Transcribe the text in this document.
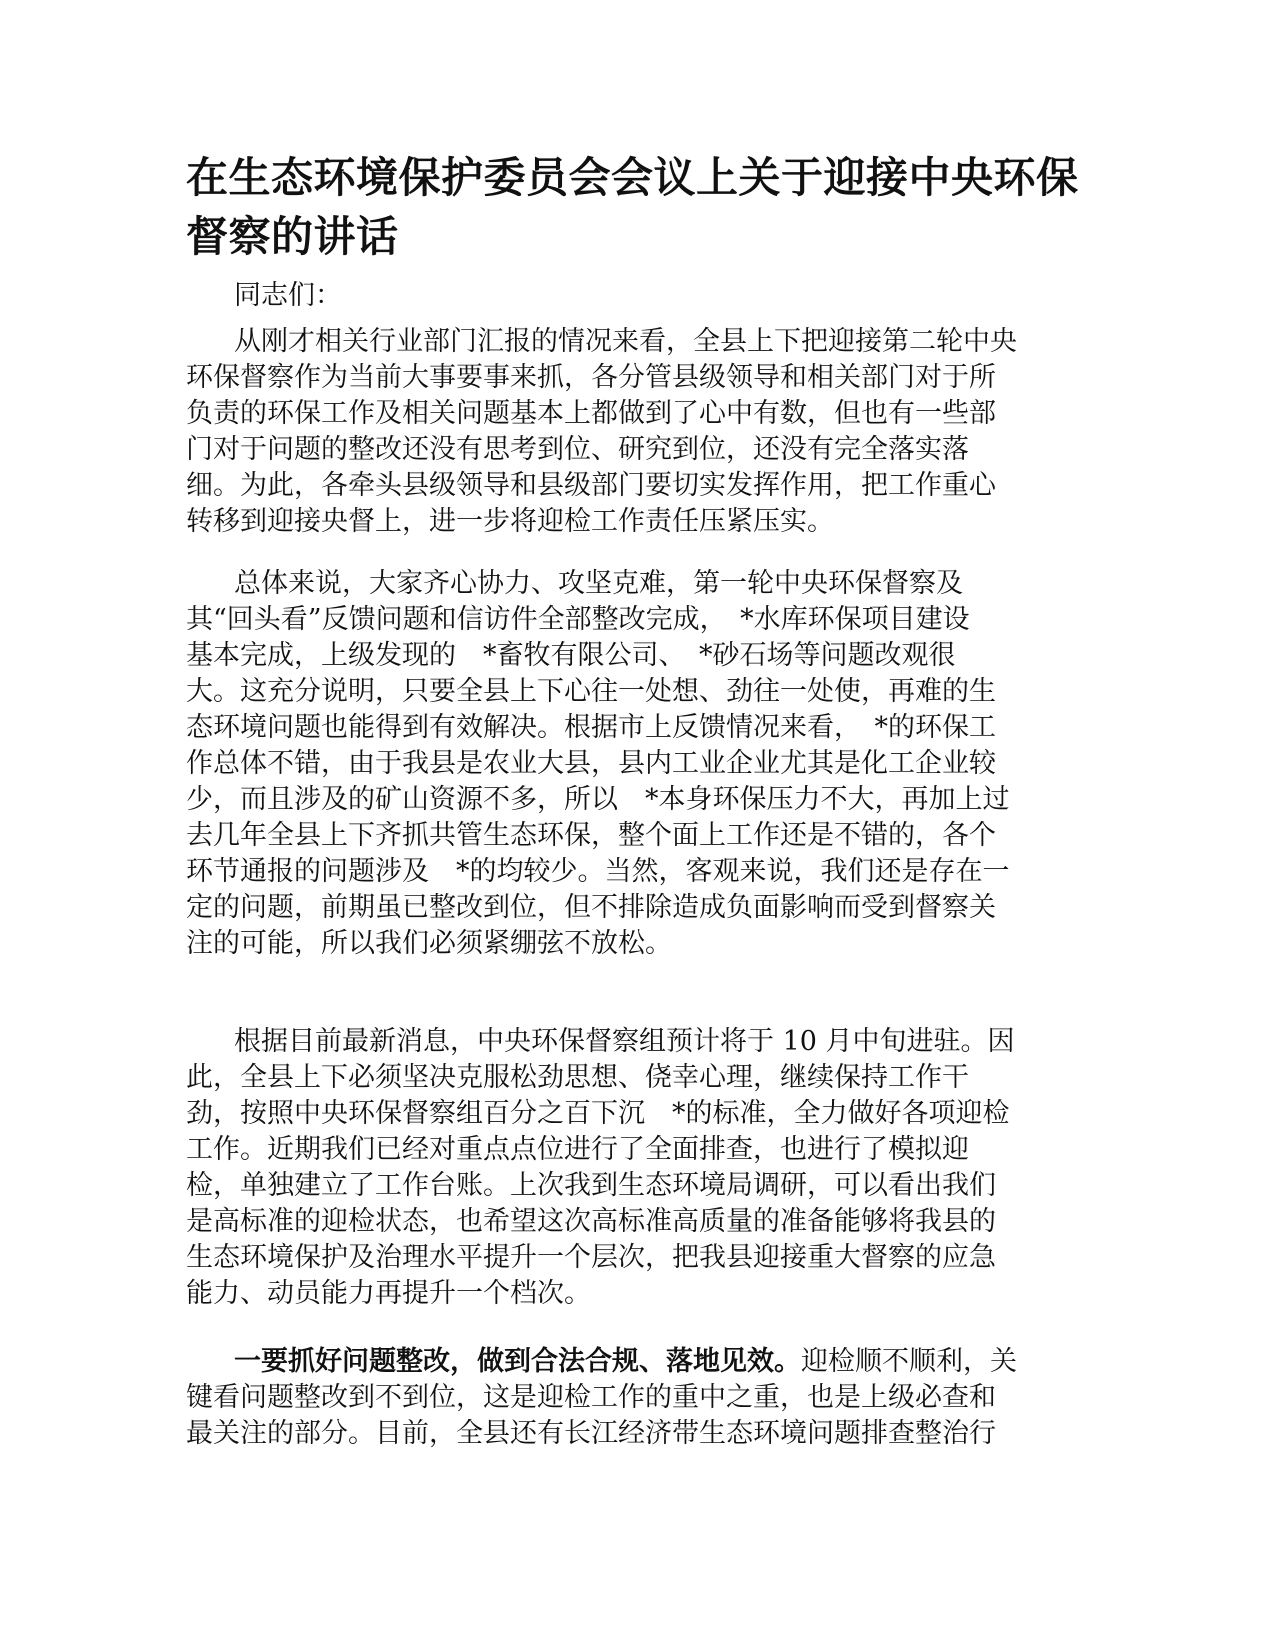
在生态环境保护委员会会议上关于迎接中央环保
督察的讲话

同志们：

从刚才相关行业部门汇报的情况来看，全县上下把迎接第二轮中央
环保督察作为当前大事要事来抓，各分管县级领导和相关部门对于所
负责的环保工作及相关问题基本上都做到了心中有数，但也有一些部
门对于问题的整改还没有思考到位、研究到位，还没有完全落实落
细。为此，各牵头县级领导和县级部门要切实发挥作用，把工作重心
转移到迎接央督上，进一步将迎检工作责任压紧压实。
总体来说，大家齐心协力、攻坚克难，第一轮中央环保督察及
其“回头看”反馈问题和信访件全部整改完成，　*水库环保项目建设
基本完成，上级发现的　*畜牧有限公司、　*砂石场等问题改观很
大。这充分说明，只要全县上下心往一处想、劲往一处使，再难的生
态环境问题也能得到有效解决。根据市上反馈情况来看，　*的环保工
作总体不错，由于我县是农业大县，县内工业企业尤其是化工企业较
少，而且涉及的矿山资源不多，所以　*本身环保压力不大，再加上过
去几年全县上下齐抓共管生态环保，整个面上工作还是不错的，各个
环节通报的问题涉及　*的均较少。当然，客观来说，我们还是存在一
定的问题，前期虽已整改到位，但不排除造成负面影响而受到督察关
注的可能，所以我们必须紧绷弦不放松。
根据目前最新消息，中央环保督察组预计将于 10 月中旬进驻。因
此，全县上下必须坚决克服松劲思想、侥幸心理，继续保持工作干
劲，按照中央环保督察组百分之百下沉　*的标准，全力做好各项迎检
工作。近期我们已经对重点点位进行了全面排查，也进行了模拟迎
检，单独建立了工作台账。上次我到生态环境局调研，可以看出我们
是高标准的迎检状态，也希望这次高标准高质量的准备能够将我县的
生态环境保护及治理水平提升一个层次，把我县迎接重大督察的应急
能力、动员能力再提升一个档次。
一要抓好问题整改，做到合法合规、落地见效。迎检顺不顺利，关
键看问题整改到不到位，这是迎检工作的重中之重，也是上级必查和
最关注的部分。目前，全县还有长江经济带生态环境问题排查整治行
